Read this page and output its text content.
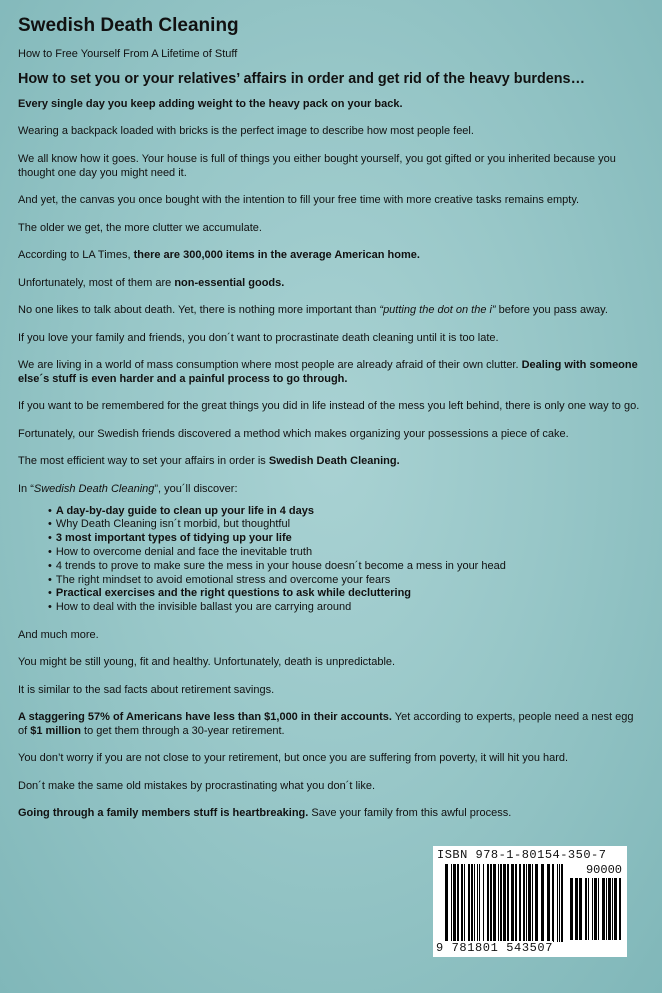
Swedish Death Cleaning
How to Free Yourself From A Lifetime of Stuff
How to set you or your relatives’ affairs in order and get rid of the heavy burdens…

Every single day you keep adding weight to the heavy pack on your back.

Wearing a backpack loaded with bricks is the perfect image to describe how most people feel.

We all know how it goes. Your house is full of things you either bought yourself, you got gifted or you inherited because you thought one day you might need it.

And yet, the canvas you once bought with the intention to fill your free time with more creative tasks remains empty.

The older we get, the more clutter we accumulate.

According to LA Times, there are 300,000 items in the average American home.

Unfortunately, most of them are non-essential goods.

No one likes to talk about death. Yet, there is nothing more important than “putting the dot on the i” before you pass away.

If you love your family and friends, you don´t want to procrastinate death cleaning until it is too late.

We are living in a world of mass consumption where most people are already afraid of their own clutter. Dealing with someone else´s stuff is even harder and a painful process to go through.

If you want to be remembered for the great things you did in life instead of the mess you left behind, there is only one way to go.

Fortunately, our Swedish friends discovered a method which makes organizing your possessions a piece of cake.

The most efficient way to set your affairs in order is Swedish Death Cleaning.

In “Swedish Death Cleaning”, you´ll discover:

• A day-by-day guide to clean up your life in 4 days
• Why Death Cleaning isn´t morbid, but thoughtful
• 3 most important types of tidying up your life
• How to overcome denial and face the inevitable truth
• 4 trends to prove to make sure the mess in your house doesn´t become a mess in your head
• The right mindset to avoid emotional stress and overcome your fears
• Practical exercises and the right questions to ask while decluttering
• How to deal with the invisible ballast you are carrying around

And much more.

You might be still young, fit and healthy. Unfortunately, death is unpredictable.

It is similar to the sad facts about retirement savings.

A staggering 57% of Americans have less than $1,000 in their accounts. Yet according to experts, people need a nest egg of $1 million to get them through a 30-year retirement.

You don’t worry if you are not close to your retirement, but once you are suffering from poverty, it will hit you hard.

Don´t make the same old mistakes by procrastinating what you don´t like.

Going through a family members stuff is heartbreaking. Save your family from this awful process.

ISBN 978-1-80154-350-7
90000
9 781801 543507
